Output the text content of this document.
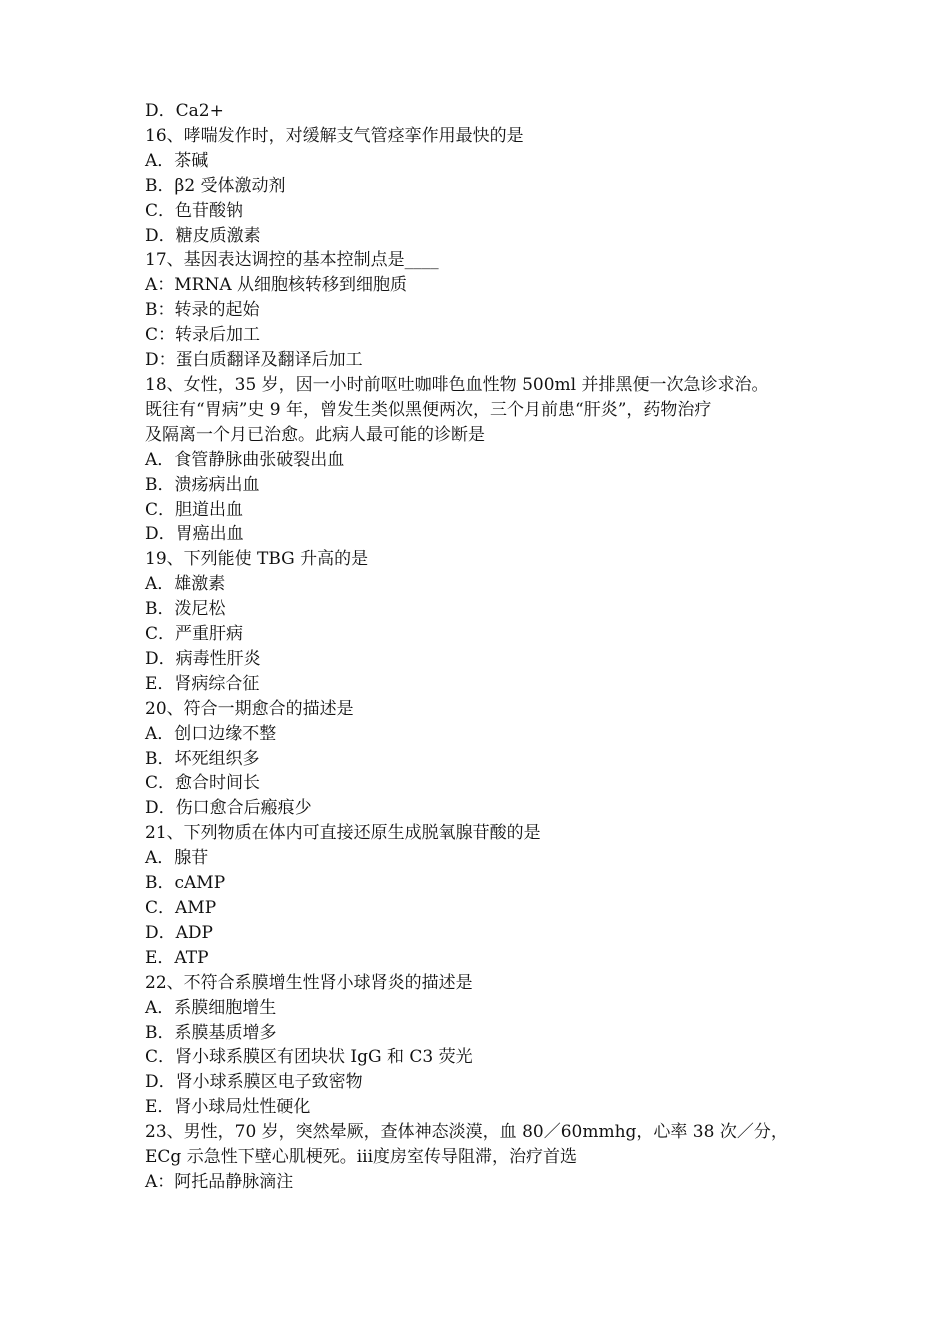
D．Ca2+

16、哮喘发作时，对缓解支气管痉挛作用最快的是

A．茶碱

B．β2 受体激动剂

C．色苷酸钠

D．糖皮质激素

17、基因表达调控的基本控制点是____

A：MRNA 从细胞核转移到细胞质

B：转录的起始

C：转录后加工

D：蛋白质翻译及翻译后加工

18、女性，35 岁，因一小时前呕吐咖啡色血性物 500ml 并排黑便一次急诊求治。

既往有“胃病”史 9 年，曾发生类似黑便两次，三个月前患“肝炎”，药物治疗

及隔离一个月已治愈。此病人最可能的诊断是

A．食管静脉曲张破裂出血

B．溃疡病出血

C．胆道出血

D．胃癌出血

19、下列能使 TBG 升高的是

A．雄激素

B．泼尼松

C．严重肝病

D．病毒性肝炎

E．肾病综合征

20、符合一期愈合的描述是

A．创口边缘不整

B．坏死组织多

C．愈合时间长

D．伤口愈合后瘢痕少

21、下列物质在体内可直接还原生成脱氧腺苷酸的是

A．腺苷

B．cAMP

C．AMP

D．ADP

E．ATP

22、不符合系膜增生性肾小球肾炎的描述是

A．系膜细胞增生

B．系膜基质增多

C．肾小球系膜区有团块状 IgG 和 C3 荧光

D．肾小球系膜区电子致密物

E．肾小球局灶性硬化

23、男性，70 岁，突然晕厥，查体神态淡漠，血 80／60mmhg，心率 38 次／分，

ECg 示急性下壁心肌梗死。iii度房室传导阻滞，治疗首选

A：阿托品静脉滴注
